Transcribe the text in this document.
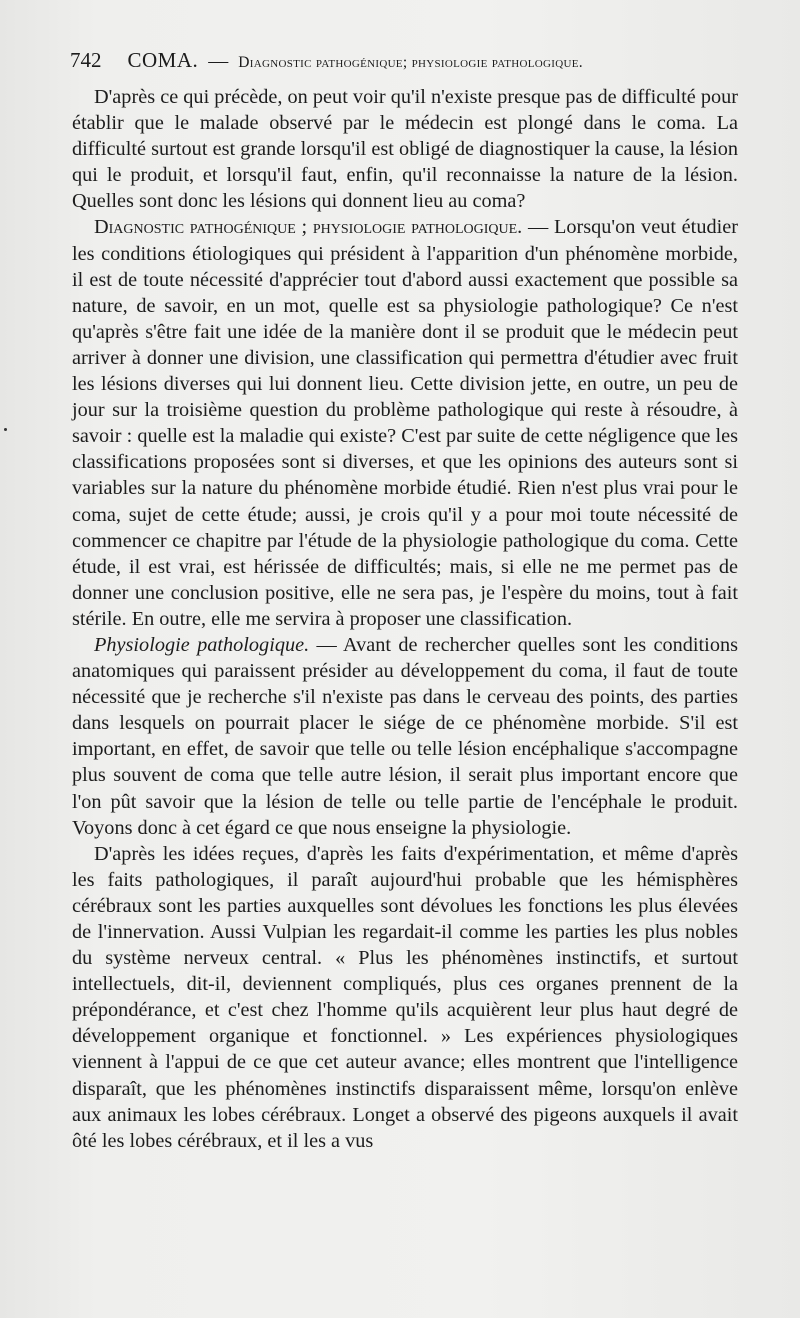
742 COMA. — Diagnostic pathogénique; physiologie pathologique.

D'après ce qui précède, on peut voir qu'il n'existe presque pas de difficulté pour établir que le malade observé par le médecin est plongé dans le coma. La difficulté surtout est grande lorsqu'il est obligé de diagnostiquer la cause, la lésion qui le produit, et lorsqu'il faut, enfin, qu'il reconnaisse la nature de la lésion. Quelles sont donc les lésions qui donnent lieu au coma?

Diagnostic pathogénique ; physiologie pathologique. — Lorsqu'on veut étudier les conditions étiologiques qui président à l'apparition d'un phénomène morbide, il est de toute nécessité d'apprécier tout d'abord aussi exactement que possible sa nature, de savoir, en un mot, quelle est sa physiologie pathologique? Ce n'est qu'après s'être fait une idée de la manière dont il se produit que le médecin peut arriver à donner une division, une classification qui permettra d'étudier avec fruit les lésions diverses qui lui donnent lieu. Cette division jette, en outre, un peu de jour sur la troisième question du problème pathologique qui reste à résoudre, à savoir : quelle est la maladie qui existe? C'est par suite de cette négligence que les classifications proposées sont si diverses, et que les opinions des auteurs sont si variables sur la nature du phénomène morbide étudié. Rien n'est plus vrai pour le coma, sujet de cette étude; aussi, je crois qu'il y a pour moi toute nécessité de commencer ce chapitre par l'étude de la physiologie pathologique du coma. Cette étude, il est vrai, est hérissée de difficultés; mais, si elle ne me permet pas de donner une conclusion positive, elle ne sera pas, je l'espère du moins, tout à fait stérile. En outre, elle me servira à proposer une classification.

Physiologie pathologique. — Avant de rechercher quelles sont les conditions anatomiques qui paraissent présider au développement du coma, il faut de toute nécessité que je recherche s'il n'existe pas dans le cerveau des points, des parties dans lesquels on pourrait placer le siége de ce phénomène morbide. S'il est important, en effet, de savoir que telle ou telle lésion encéphalique s'accompagne plus souvent de coma que telle autre lésion, il serait plus important encore que l'on pût savoir que la lésion de telle ou telle partie de l'encéphale le produit. Voyons donc à cet égard ce que nous enseigne la physiologie.

D'après les idées reçues, d'après les faits d'expérimentation, et même d'après les faits pathologiques, il paraît aujourd'hui probable que les hémisphères cérébraux sont les parties auxquelles sont dévolues les fonctions les plus élevées de l'innervation. Aussi Vulpian les regardait-il comme les parties les plus nobles du système nerveux central. « Plus les phénomènes instinctifs, et surtout intellectuels, dit-il, deviennent compliqués, plus ces organes prennent de la prépondérance, et c'est chez l'homme qu'ils acquièrent leur plus haut degré de développement organique et fonctionnel. » Les expériences physiologiques viennent à l'appui de ce que cet auteur avance; elles montrent que l'intelligence disparaît, que les phénomènes instinctifs disparaissent même, lorsqu'on enlève aux animaux les lobes cérébraux. Longet a observé des pigeons auxquels il avait ôté les lobes cérébraux, et il les a vus
